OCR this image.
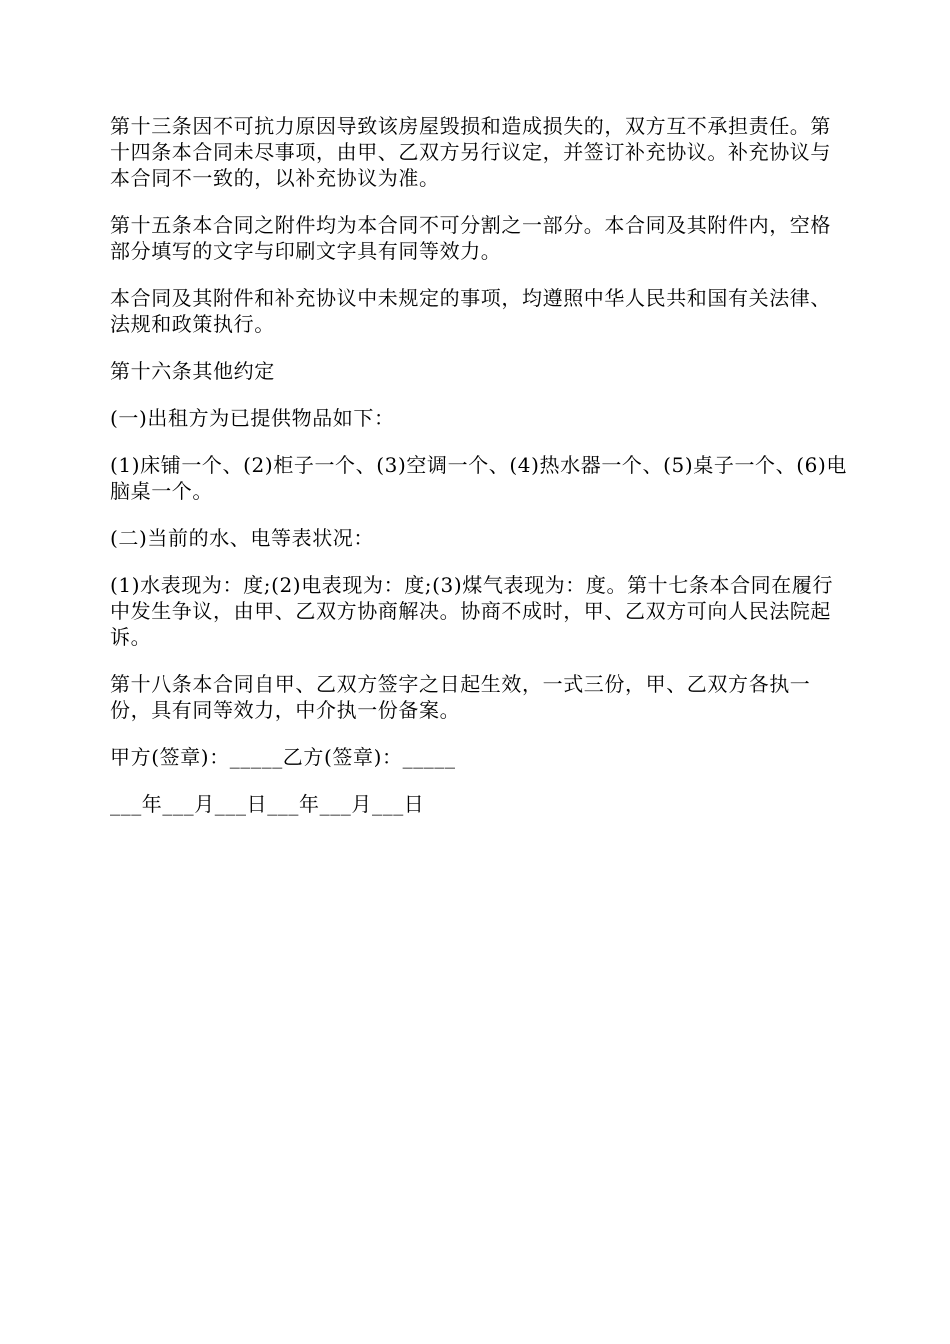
第十三条因不可抗力原因导致该房屋毁损和造成损失的，双方互不承担责任。第十四条本合同未尽事项，由甲、乙双方另行议定，并签订补充协议。补充协议与本合同不一致的，以补充协议为准。

第十五条本合同之附件均为本合同不可分割之一部分。本合同及其附件内，空格部分填写的文字与印刷文字具有同等效力。

本合同及其附件和补充协议中未规定的事项，均遵照中华人民共和国有关法律、法规和政策执行。

第十六条其他约定

(一)出租方为已提供物品如下：

(1)床铺一个、(2)柜子一个、(3)空调一个、(4)热水器一个、(5)桌子一个、(6)电脑桌一个。

(二)当前的水、电等表状况：

(1)水表现为：度;(2)电表现为：度;(3)煤气表现为：度。第十七条本合同在履行中发生争议，由甲、乙双方协商解决。协商不成时，甲、乙双方可向人民法院起诉。

第十八条本合同自甲、乙双方签字之日起生效，一式三份，甲、乙双方各执一份，具有同等效力，中介执一份备案。

甲方(签章)：_____乙方(签章)：_____

___年___月___日___年___月___日
